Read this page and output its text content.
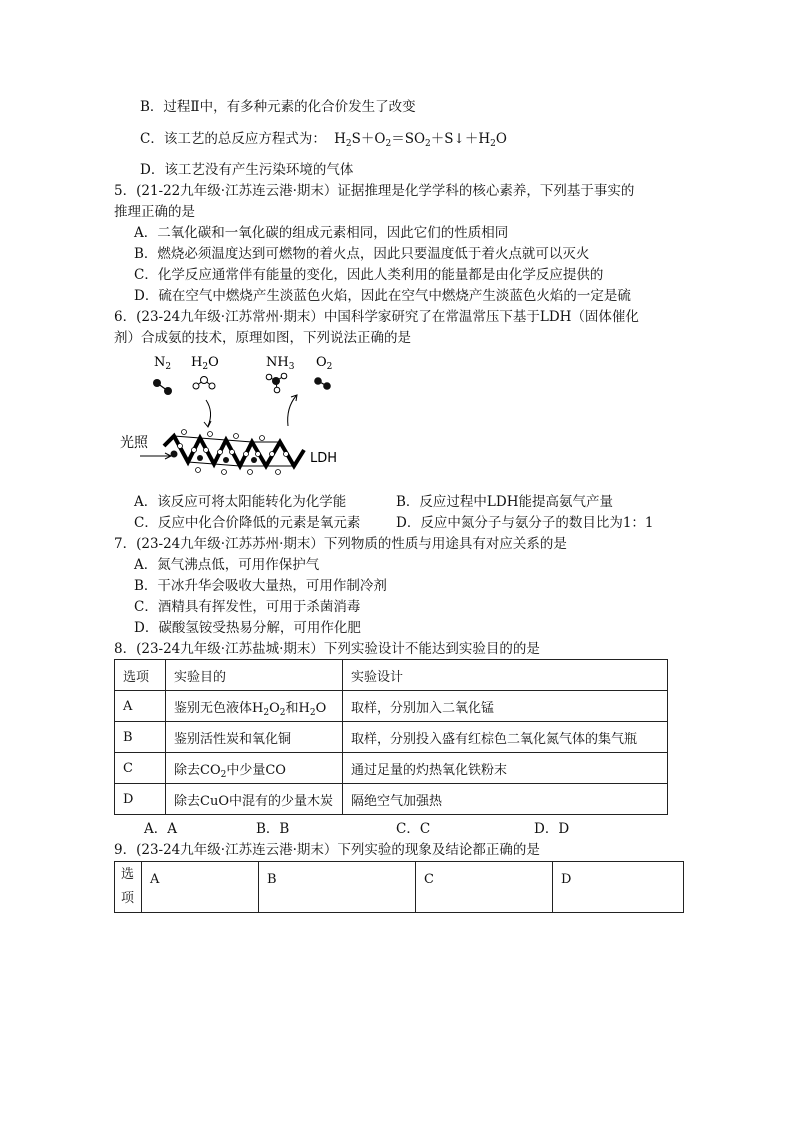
B．过程Ⅱ中，有多种元素的化合价发生了改变
C．该工艺的总反应方程式为： $H_2S+O_2=SO_2+S↓+H_2O$
D．该工艺没有产生污染环境的气体
5．(21-22九年级·江苏连云港·期末）证据推理是化学学科的核心素养，下列基于事实的
推理正确的是
A．二氧化碳和一氧化碳的组成元素相同，因此它们的性质相同
B．燃烧必须温度达到可燃物的着火点，因此只要温度低于着火点就可以灭火
C．化学反应通常伴有能量的变化，因此人类利用的能量都是由化学反应提供的
D．硫在空气中燃烧产生淡蓝色火焰，因此在空气中燃烧产生淡蓝色火焰的一定是硫
6．(23-24九年级·江苏常州·期末）中国科学家研究了在常温常压下基于LDH（固体催化
剂）合成氨的技术，原理如图，下列说法正确的是
$N_2$ $H_2O$	$NH_3$ $O_2$
光照
LDH
A．该反应可将太阳能转化为化学能	B．反应过程中LDH能提高氨气产量
C．反应中化合价降低的元素是氧元素	D．反应中氮分子与氨分子的数目比为1：1
7．(23-24九年级·江苏苏州·期末）下列物质的性质与用途具有对应关系的是
A．氮气沸点低，可用作保护气
B．干冰升华会吸收大量热，可用作制冷剂
C．酒精具有挥发性，可用于杀菌消毒
D．碳酸氢铵受热易分解，可用作化肥
8．(23-24九年级·江苏盐城·期末）下列实验设计不能达到实验目的的是
选项	实验目的	实验设计
A	鉴别无色液体$H_2O_2$和$H_2O$	取样，分别加入二氧化锰
B	鉴别活性炭和氧化铜	取样，分别投入盛有红棕色二氧化氮气体的集气瓶
C	除去$CO_2$中少量CO	通过足量的灼热氧化铁粉末
D	除去CuO中混有的少量木炭	隔绝空气加强热
A．A	B．B	C．C	D．D
9．(23-24九年级·江苏连云港·期末）下列实验的现象及结论都正确的是
选
项	A	B	C	D
